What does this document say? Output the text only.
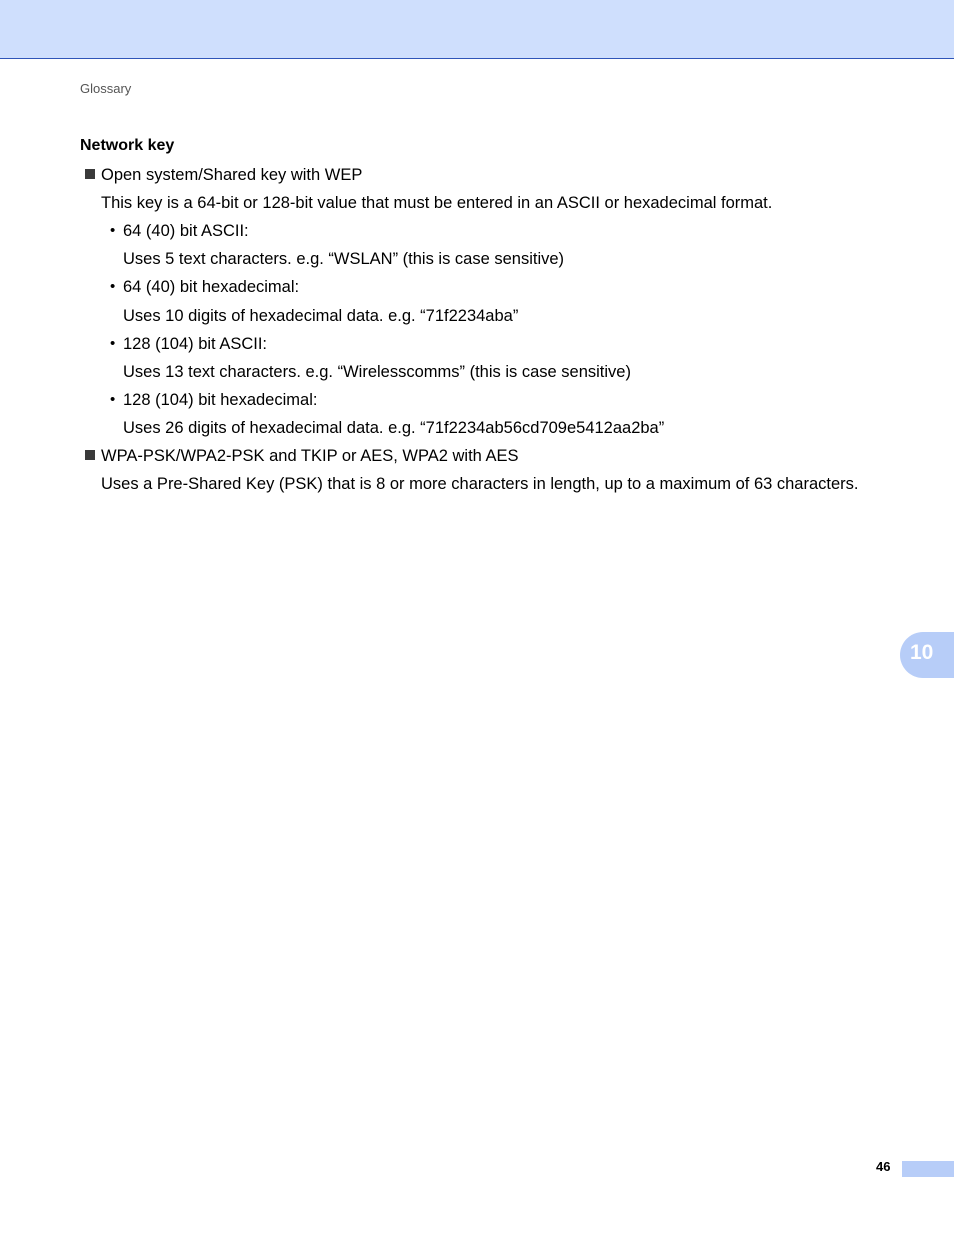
Glossary
Network key
Open system/Shared key with WEP
This key is a 64-bit or 128-bit value that must be entered in an ASCII or hexadecimal format.
• 64 (40) bit ASCII:
Uses 5 text characters. e.g. “WSLAN” (this is case sensitive)
• 64 (40) bit hexadecimal:
Uses 10 digits of hexadecimal data. e.g. “71f2234aba”
• 128 (104) bit ASCII:
Uses 13 text characters. e.g. “Wirelesscomms” (this is case sensitive)
• 128 (104) bit hexadecimal:
Uses 26 digits of hexadecimal data. e.g. “71f2234ab56cd709e5412aa2ba”
WPA-PSK/WPA2-PSK and TKIP or AES, WPA2 with AES
Uses a Pre-Shared Key (PSK) that is 8 or more characters in length, up to a maximum of 63 characters.
10
46
